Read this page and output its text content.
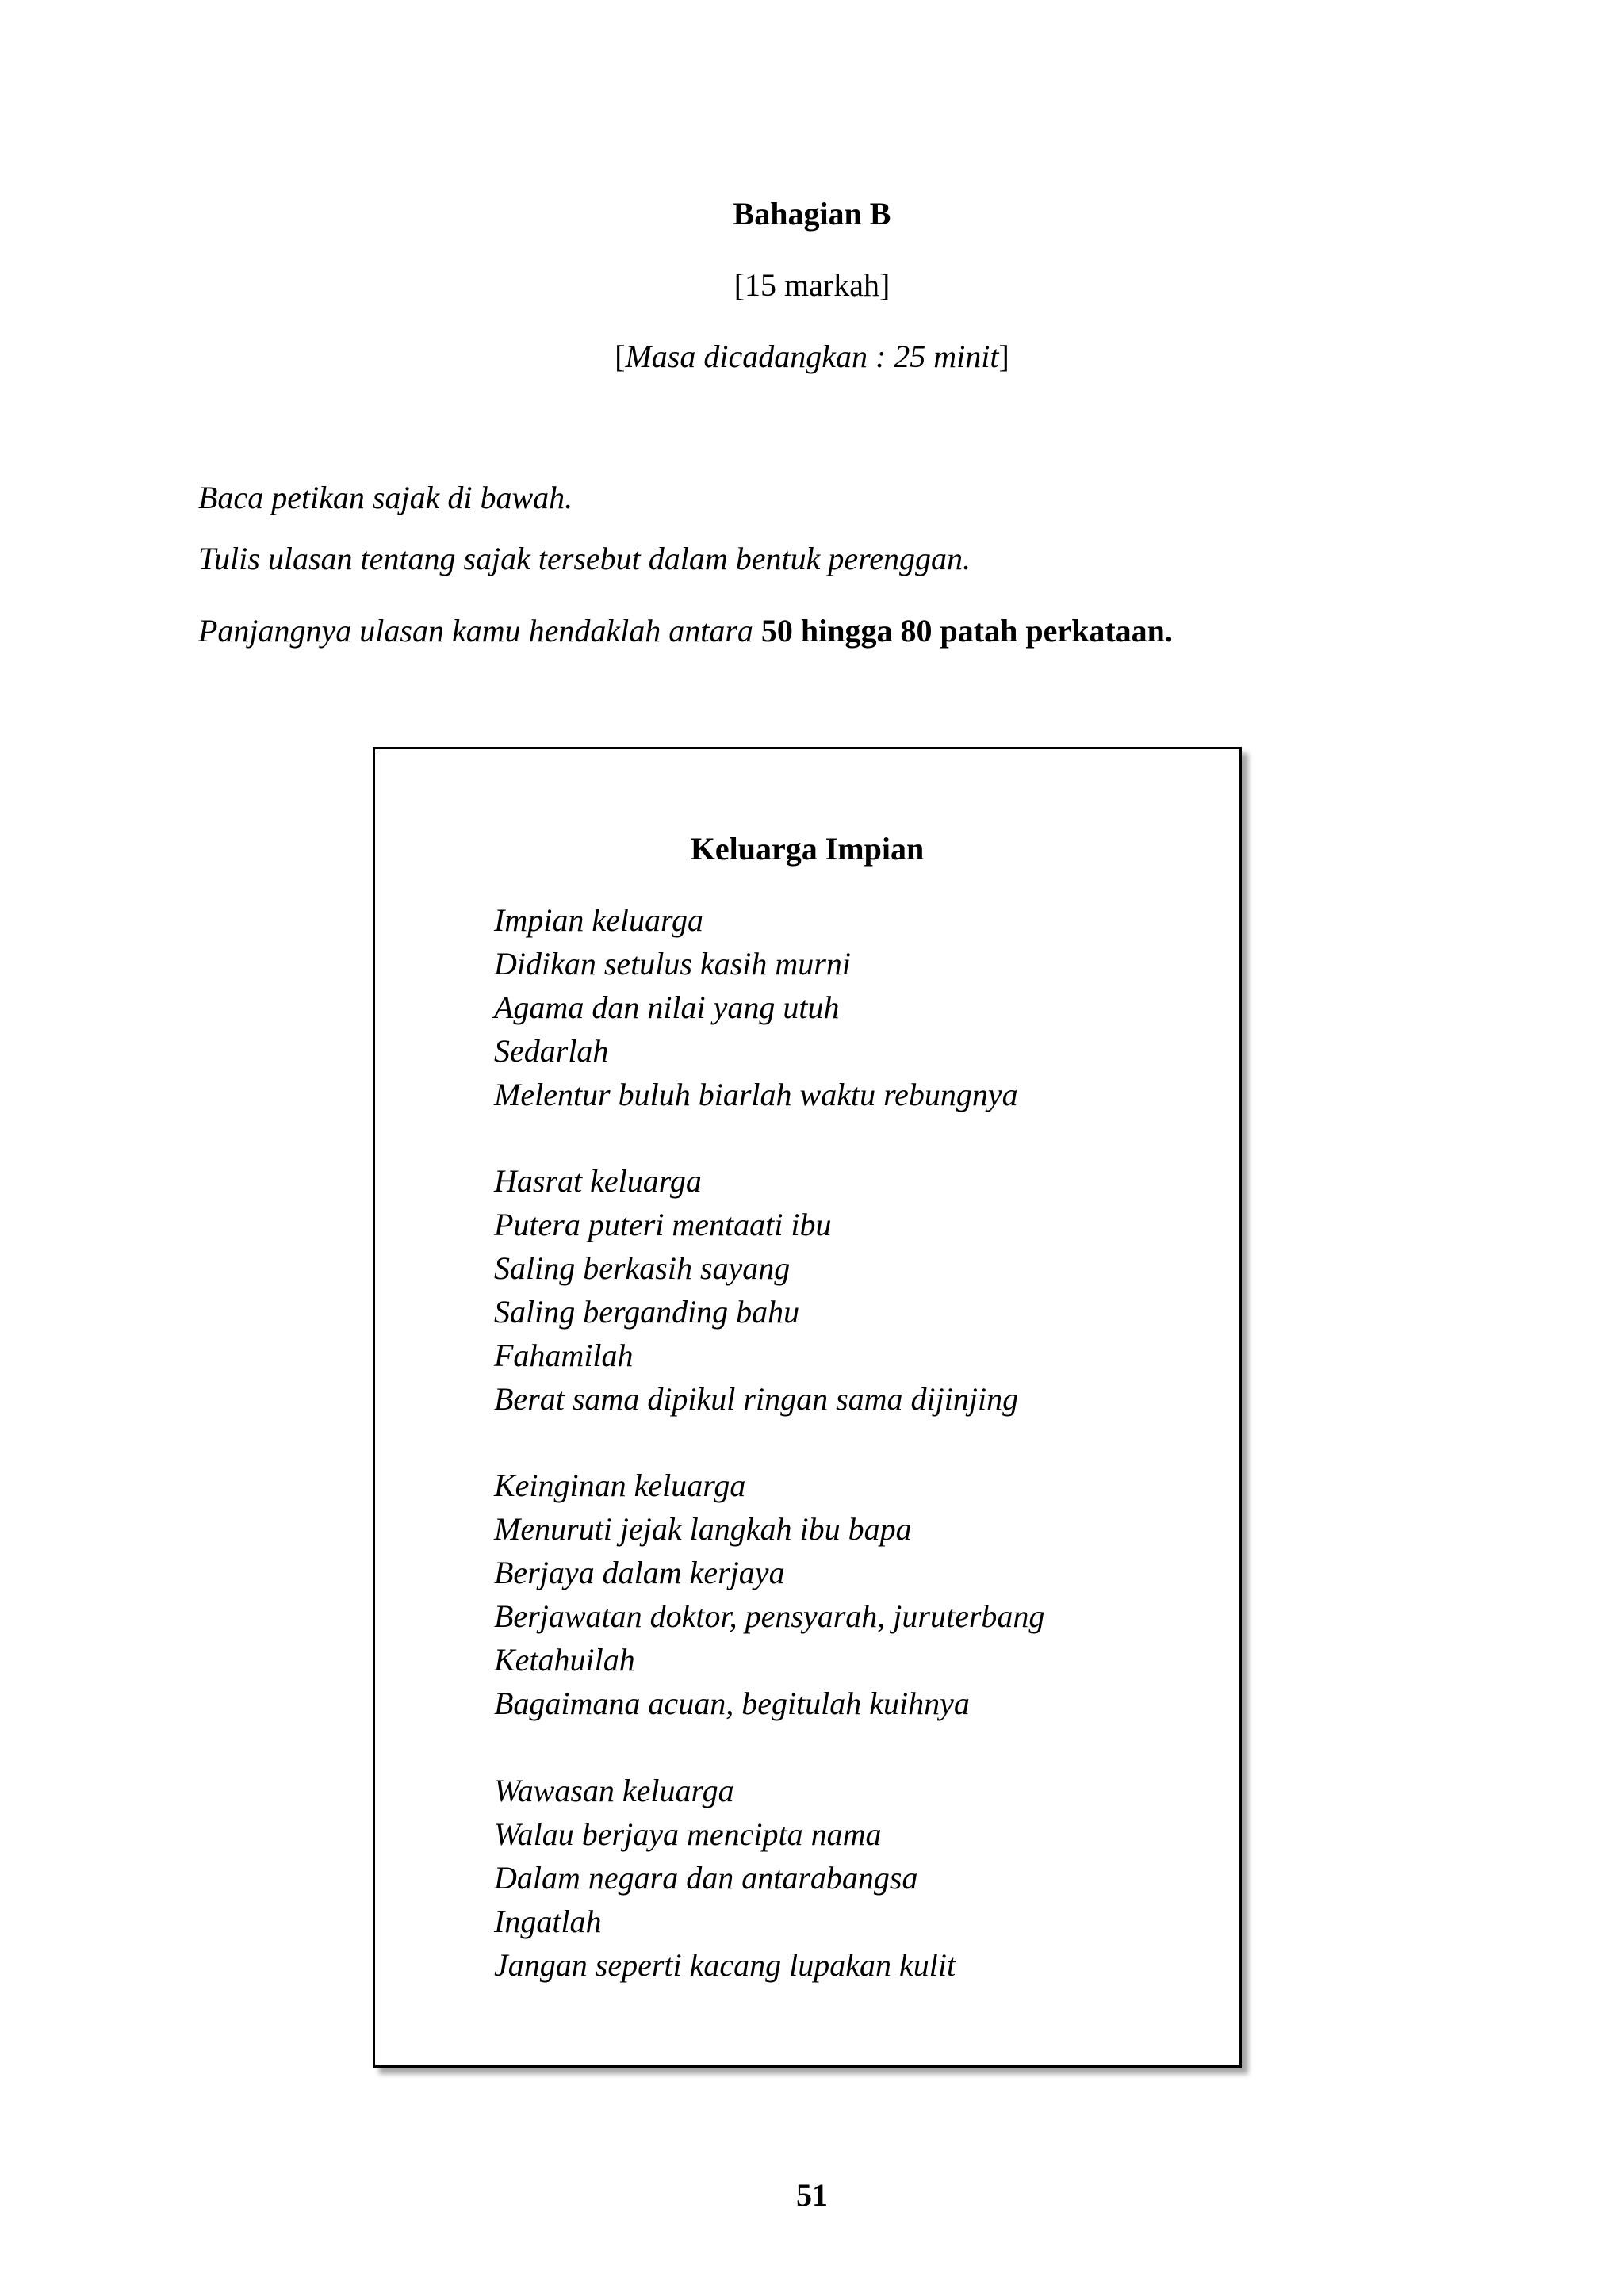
Bahagian B
[15 markah]
[Masa dicadangkan : 25 minit]
Baca petikan sajak di bawah.
Tulis ulasan tentang sajak tersebut dalam bentuk perenggan.
Panjangnya ulasan kamu hendaklah antara 50 hingga 80 patah perkataan.
Keluarga Impian
Impian keluarga
Didikan setulus kasih murni
Agama dan nilai yang utuh
Sedarlah
Melentur buluh biarlah waktu rebungnya
Hasrat keluarga
Putera puteri mentaati ibu
Saling berkasih sayang
Saling berganding bahu
Fahamilah
Berat sama dipikul ringan sama dijinjing
Keinginan keluarga
Menuruti jejak langkah ibu bapa
Berjaya dalam kerjaya
Berjawatan doktor, pensyarah, juruterbang
Ketahuilah
Bagaimana acuan, begitulah kuihnya
Wawasan keluarga
Walau berjaya mencipta nama
Dalam negara dan antarabangsa
Ingatlah
Jangan seperti kacang lupakan kulit
51
